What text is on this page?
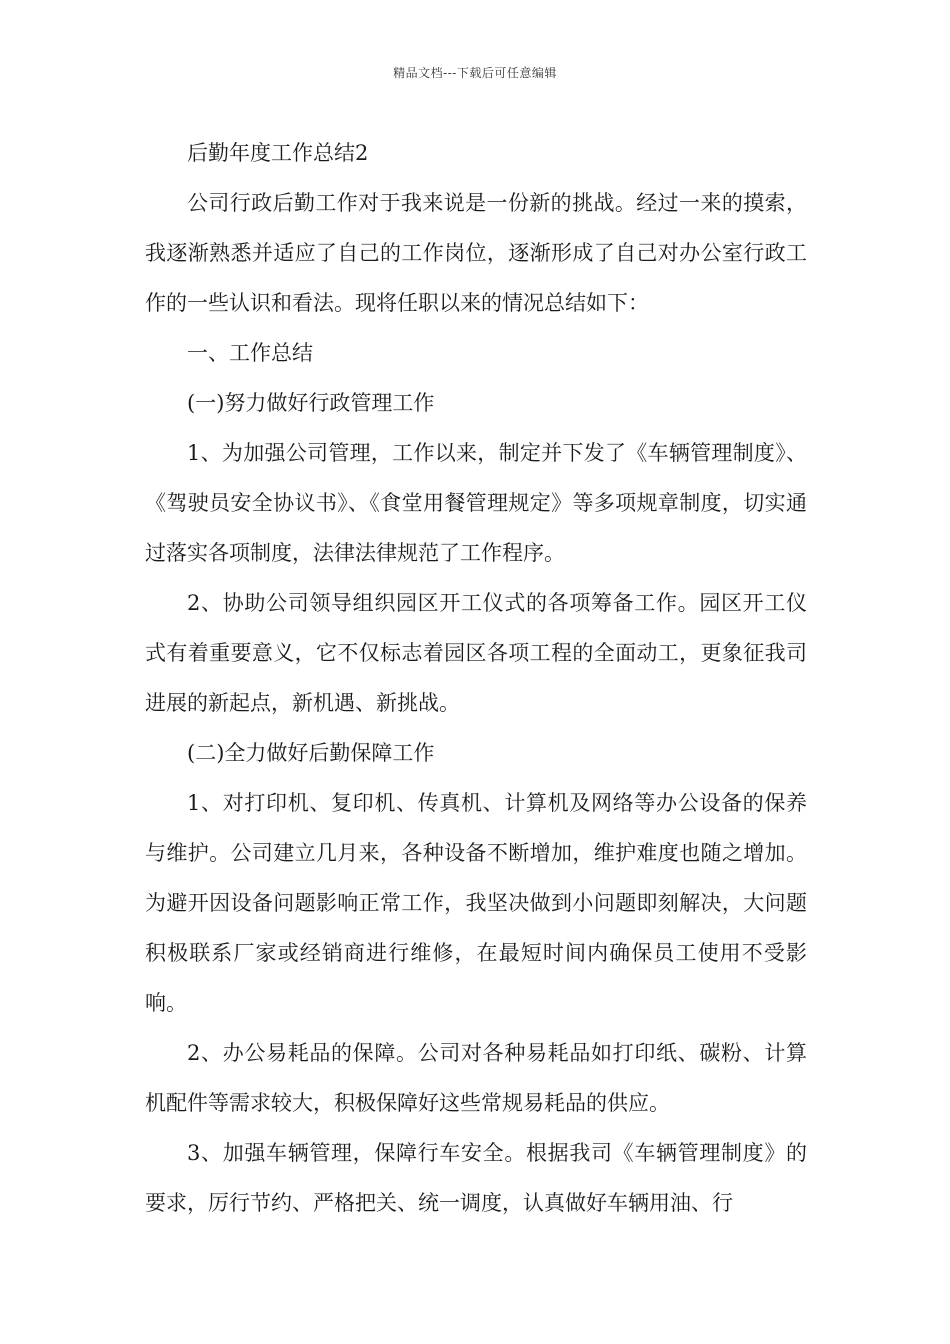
精品文档---下载后可任意编辑

后勤年度工作总结2

公司行政后勤工作对于我来说是一份新的挑战。经过一来的摸索，我逐渐熟悉并适应了自己的工作岗位，逐渐形成了自己对办公室行政工作的一些认识和看法。现将任职以来的情况总结如下：

一、工作总结

(一)努力做好行政管理工作

1、为加强公司管理，工作以来，制定并下发了《车辆管理制度》、《驾驶员安全协议书》、《食堂用餐管理规定》等多项规章制度，切实通过落实各项制度，法律法律规范了工作程序。

2、协助公司领导组织园区开工仪式的各项筹备工作。园区开工仪式有着重要意义，它不仅标志着园区各项工程的全面动工，更象征我司进展的新起点，新机遇、新挑战。

(二)全力做好后勤保障工作

1、对打印机、复印机、传真机、计算机及网络等办公设备的保养与维护。公司建立几月来，各种设备不断增加，维护难度也随之增加。为避开因设备问题影响正常工作，我坚决做到小问题即刻解决，大问题积极联系厂家或经销商进行维修，在最短时间内确保员工使用不受影响。

2、办公易耗品的保障。公司对各种易耗品如打印纸、碳粉、计算机配件等需求较大，积极保障好这些常规易耗品的供应。

3、加强车辆管理，保障行车安全。根据我司《车辆管理制度》的要求，厉行节约、严格把关、统一调度，认真做好车辆用油、行
